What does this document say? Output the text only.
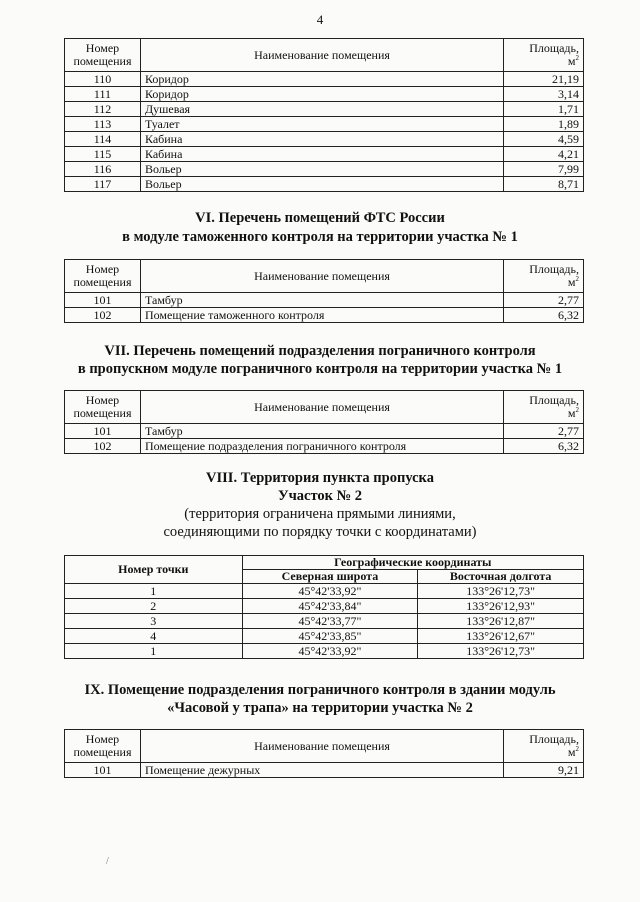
4
Номер
помещения	Наименование помещения	Площадь,
$м^2$
110	Коридор	21,19
111	Коридор	3,14
112	Душевая	1,71
113	Туалет	1,89
114	Кабина	4,59
115	Кабина	4,21
116	Вольер	7,99
117	Вольер	8,71
VI. Перечень помещений ФТС России
в модуле таможенного контроля на территории участка № 1
Номер
помещения	Наименование помещения	Площадь,
$м^2$
101	Тамбур	2,77
102	Помещение таможенного контроля	6,32
VII. Перечень помещений подразделения пограничного контроля
в пропускном модуле пограничного контроля на территории участка № 1
Номер
помещения	Наименование помещения	Площадь,
$м^2$
101	Тамбур	2,77
102	Помещение подразделения пограничного контроля	6,32
VIII. Территория пункта пропуска
Участок № 2
(территория ограничена прямыми линиями,
соединяющими по порядку точки с координатами)
Номер точки	Географические координаты	
	Северная широта	Восточная долгота
1	45°42'33,92"	133°26'12,73"
2	45°42'33,84"	133°26'12,93"
3	45°42'33,77"	133°26'12,87"
4	45°42'33,85"	133°26'12,67"
1	45°42'33,92"	133°26'12,73"
IX. Помещение подразделения пограничного контроля в здании модуль
«Часовой у трапа» на территории участка № 2
Номер
помещения	Наименование помещения	Площадь,
$м^2$
101	Помещение дежурных	9,21
/
